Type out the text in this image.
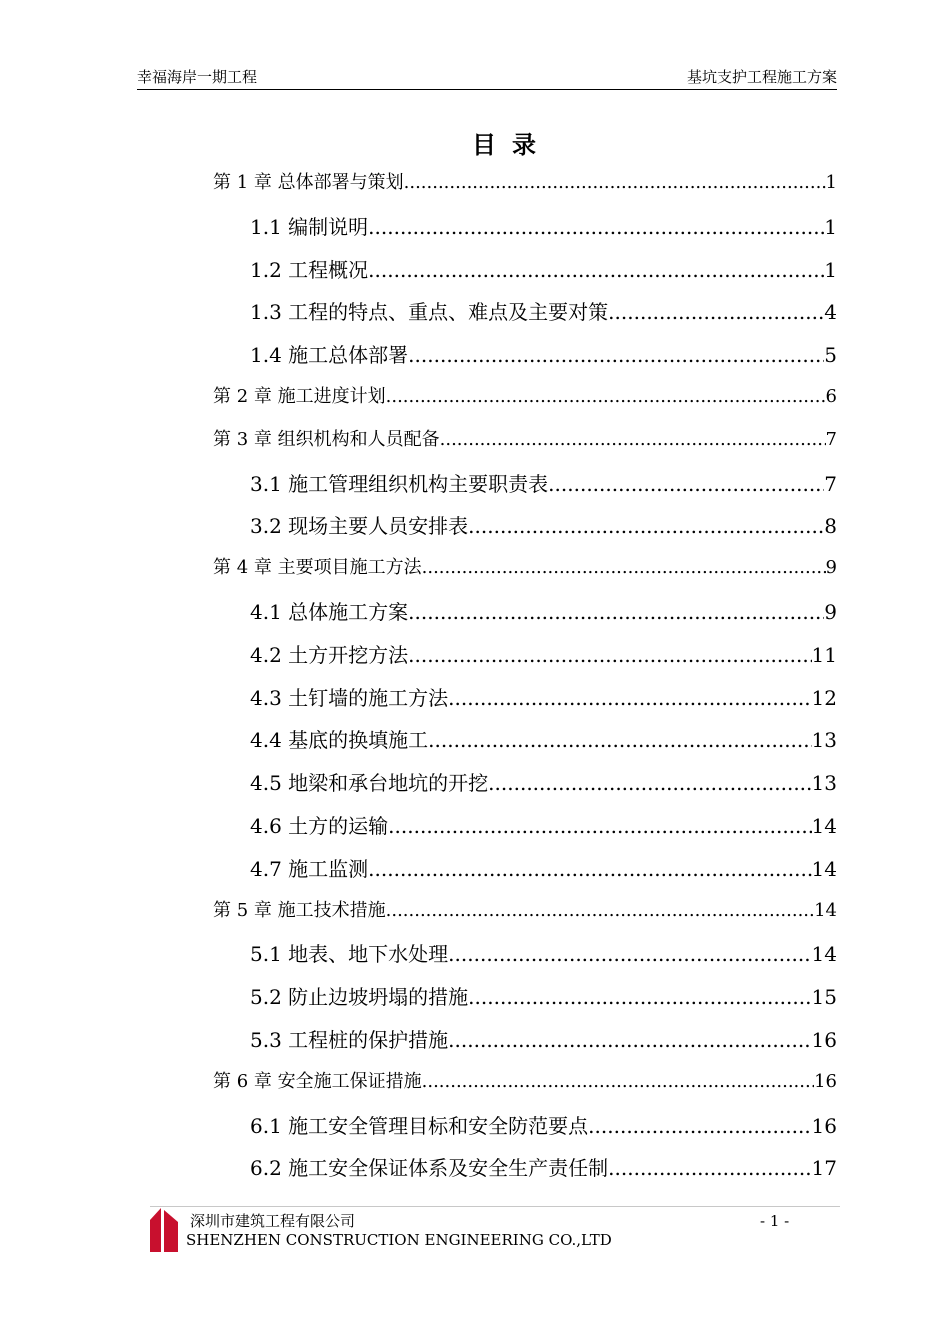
幸福海岸一期工程	基坑支护工程施工方案
目录
第 1 章 总体部署与策划 .....	1
1.1 编制说明 .....	1
1.2 工程概况 .....	1
1.3 工程的特点、重点、难点及主要对策 .....	4
1.4 施工总体部署 .....	5
第 2 章 施工进度计划 .....	6
第 3 章 组织机构和人员配备 .....	7
3.1 施工管理组织机构主要职责表 .....	7
3.2 现场主要人员安排表 .....	8
第 4 章 主要项目施工方法 .....	9
4.1 总体施工方案 .....	9
4.2 土方开挖方法 .....	11
4.3 土钉墙的施工方法 .....	12
4.4 基底的换填施工 .....	13
4.5 地梁和承台地坑的开挖 .....	13
4.6 土方的运输 .....	14
4.7 施工监测 .....	14
第 5 章 施工技术措施 .....	14
5.1 地表、地下水处理 .....	14
5.2 防止边坡坍塌的措施 .....	15
5.3 工程桩的保护措施 .....	16
第 6 章 安全施工保证措施 .....	16
6.1 施工安全管理目标和安全防范要点 .....	16
6.2 施工安全保证体系及安全生产责任制 .....	17
深圳市建筑工程有限公司
SHENZHEN CONSTRUCTION ENGINEERING CO.,LTD
- 1 -
